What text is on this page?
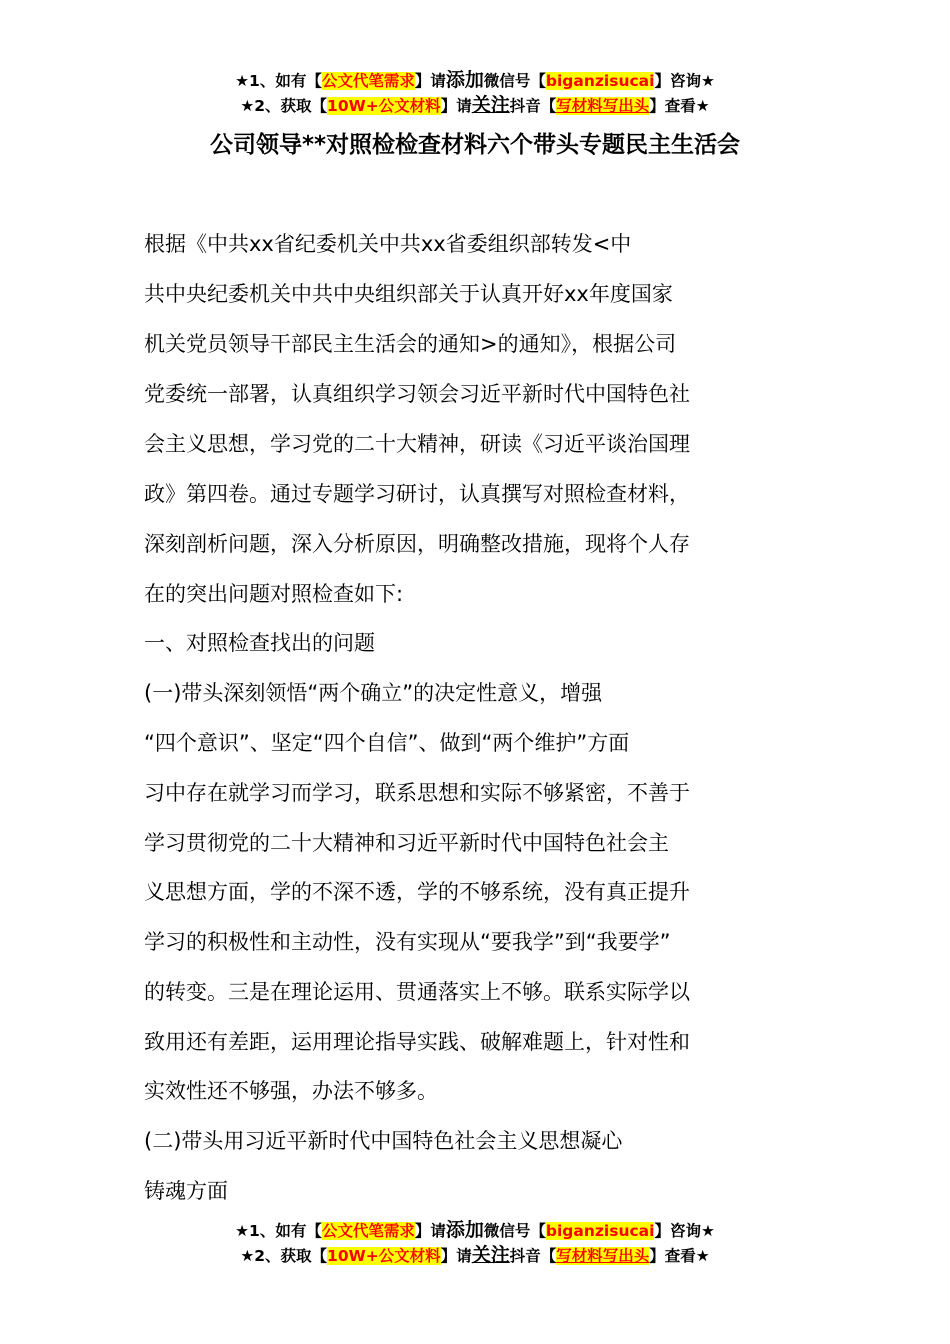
★1、如有【公文代笔需求】请添加微信号【biganzisucai】咨询★
★2、获取【10W+公文材料】请关注抖音【写材料写出头】查看★
公司领导**对照检检查材料六个带头专题民主生活会
根据《中共xx省纪委机关中共xx省委组织部转发<中
共中央纪委机关中共中央组织部关于认真开好xx年度国家
机关党员领导干部民主生活会的通知>的通知》，根据公司
党委统一部署，认真组织学习领会习近平新时代中国特色社
会主义思想，学习党的二十大精神，研读《习近平谈治国理
政》第四卷。通过专题学习研讨，认真撰写对照检查材料，
深刻剖析问题，深入分析原因，明确整改措施，现将个人存
在的突出问题对照检查如下:
一、对照检查找出的问题
(一)带头深刻领悟“两个确立”的决定性意义，增强
“四个意识”、坚定“四个自信”、做到“两个维护”方面
习中存在就学习而学习，联系思想和实际不够紧密，不善于
学习贯彻党的二十大精神和习近平新时代中国特色社会主
义思想方面，学的不深不透，学的不够系统，没有真正提升
学习的积极性和主动性，没有实现从“要我学”到“我要学”
的转变。三是在理论运用、贯通落实上不够。联系实际学以
致用还有差距，运用理论指导实践、破解难题上，针对性和
实效性还不够强，办法不够多。
(二)带头用习近平新时代中国特色社会主义思想凝心
铸魂方面
★1、如有【公文代笔需求】请添加微信号【biganzisucai】咨询★
★2、获取【10W+公文材料】请关注抖音【写材料写出头】查看★
